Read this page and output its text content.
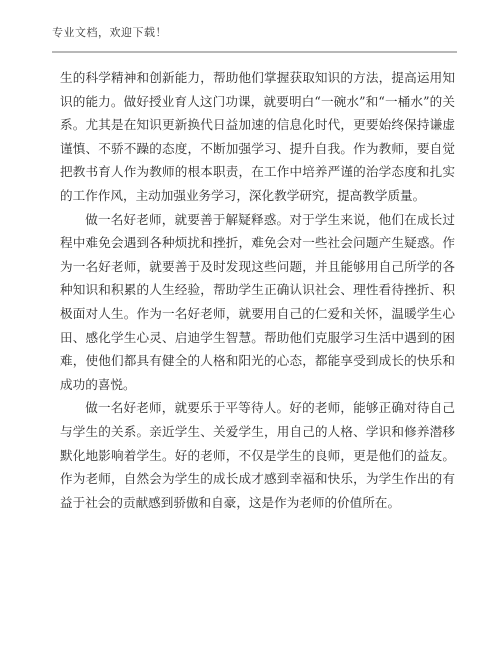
专业文档，欢迎下载！

生的科学精神和创新能力，帮助他们掌握获取知识的方法，提高运用知识的能力。做好授业育人这门功课，就要明白“一碗水”和“一桶水”的关系。尤其是在知识更新换代日益加速的信息化时代，更要始终保持谦虚谨慎、不骄不躁的态度，不断加强学习、提升自我。作为教师，要自觉把教书育人作为教师的根本职责，在工作中培养严谨的治学态度和扎实的工作作风，主动加强业务学习，深化教学研究，提高教学质量。

做一名好老师，就要善于解疑释惑。对于学生来说，他们在成长过程中难免会遇到各种烦扰和挫折，难免会对一些社会问题产生疑惑。作为一名好老师，就要善于及时发现这些问题，并且能够用自己所学的各种知识和积累的人生经验，帮助学生正确认识社会、理性看待挫折、积极面对人生。作为一名好老师，就要用自己的仁爱和关怀，温暖学生心田、感化学生心灵、启迪学生智慧。帮助他们克服学习生活中遇到的困难，使他们都具有健全的人格和阳光的心态，都能享受到成长的快乐和成功的喜悦。

做一名好老师，就要乐于平等待人。好的老师，能够正确对待自己与学生的关系。亲近学生、关爱学生，用自己的人格、学识和修养潜移默化地影响着学生。好的老师，不仅是学生的良师，更是他们的益友。作为老师，自然会为学生的成长成才感到幸福和快乐，为学生作出的有益于社会的贡献感到骄傲和自豪，这是作为老师的价值所在。
